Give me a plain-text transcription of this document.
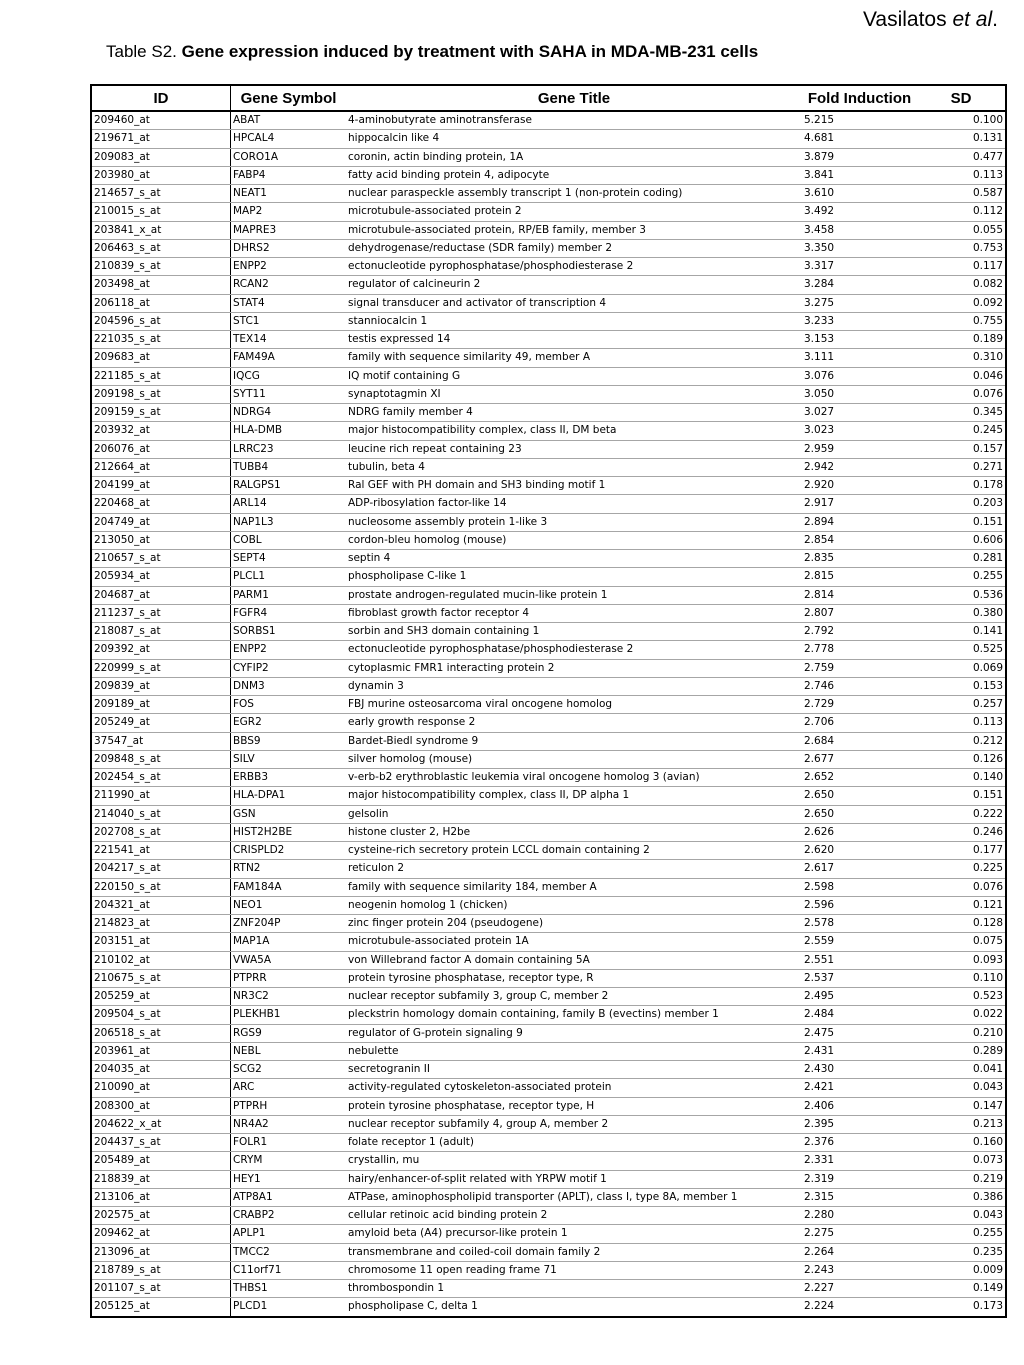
Vasilatos et al.
Table S2. Gene expression induced by treatment with SAHA in MDA-MB-231 cells
ID	Gene Symbol	Gene Title	Fold Induction	SD
209460_at	ABAT	4-aminobutyrate aminotransferase	5.215	0.100
219671_at	HPCAL4	hippocalcin like 4	4.681	0.131
209083_at	CORO1A	coronin, actin binding protein, 1A	3.879	0.477
203980_at	FABP4	fatty acid binding protein 4, adipocyte	3.841	0.113
214657_s_at	NEAT1	nuclear paraspeckle assembly transcript 1 (non-protein coding)	3.610	0.587
210015_s_at	MAP2	microtubule-associated protein 2	3.492	0.112
203841_x_at	MAPRE3	microtubule-associated protein, RP/EB family, member 3	3.458	0.055
206463_s_at	DHRS2	dehydrogenase/reductase (SDR family) member 2	3.350	0.753
210839_s_at	ENPP2	ectonucleotide pyrophosphatase/phosphodiesterase 2	3.317	0.117
203498_at	RCAN2	regulator of calcineurin 2	3.284	0.082
206118_at	STAT4	signal transducer and activator of transcription 4	3.275	0.092
204596_s_at	STC1	stanniocalcin 1	3.233	0.755
221035_s_at	TEX14	testis expressed 14	3.153	0.189
209683_at	FAM49A	family with sequence similarity 49, member A	3.111	0.310
221185_s_at	IQCG	IQ motif containing G	3.076	0.046
209198_s_at	SYT11	synaptotagmin XI	3.050	0.076
209159_s_at	NDRG4	NDRG family member 4	3.027	0.345
203932_at	HLA-DMB	major histocompatibility complex, class II, DM beta	3.023	0.245
206076_at	LRRC23	leucine rich repeat containing 23	2.959	0.157
212664_at	TUBB4	tubulin, beta 4	2.942	0.271
204199_at	RALGPS1	Ral GEF with PH domain and SH3 binding motif 1	2.920	0.178
220468_at	ARL14	ADP-ribosylation factor-like 14	2.917	0.203
204749_at	NAP1L3	nucleosome assembly protein 1-like 3	2.894	0.151
213050_at	COBL	cordon-bleu homolog (mouse)	2.854	0.606
210657_s_at	SEPT4	septin 4	2.835	0.281
205934_at	PLCL1	phospholipase C-like 1	2.815	0.255
204687_at	PARM1	prostate androgen-regulated mucin-like protein 1	2.814	0.536
211237_s_at	FGFR4	fibroblast growth factor receptor 4	2.807	0.380
218087_s_at	SORBS1	sorbin and SH3 domain containing 1	2.792	0.141
209392_at	ENPP2	ectonucleotide pyrophosphatase/phosphodiesterase 2	2.778	0.525
220999_s_at	CYFIP2	cytoplasmic FMR1 interacting protein 2	2.759	0.069
209839_at	DNM3	dynamin 3	2.746	0.153
209189_at	FOS	FBJ murine osteosarcoma viral oncogene homolog	2.729	0.257
205249_at	EGR2	early growth response 2	2.706	0.113
37547_at	BBS9	Bardet-Biedl syndrome 9	2.684	0.212
209848_s_at	SILV	silver homolog (mouse)	2.677	0.126
202454_s_at	ERBB3	v-erb-b2 erythroblastic leukemia viral oncogene homolog 3 (avian)	2.652	0.140
211990_at	HLA-DPA1	major histocompatibility complex, class II, DP alpha 1	2.650	0.151
214040_s_at	GSN	gelsolin	2.650	0.222
202708_s_at	HIST2H2BE	histone cluster 2, H2be	2.626	0.246
221541_at	CRISPLD2	cysteine-rich secretory protein LCCL domain containing 2	2.620	0.177
204217_s_at	RTN2	reticulon 2	2.617	0.225
220150_s_at	FAM184A	family with sequence similarity 184, member A	2.598	0.076
204321_at	NEO1	neogenin homolog 1 (chicken)	2.596	0.121
214823_at	ZNF204P	zinc finger protein 204 (pseudogene)	2.578	0.128
203151_at	MAP1A	microtubule-associated protein 1A	2.559	0.075
210102_at	VWA5A	von Willebrand factor A domain containing 5A	2.551	0.093
210675_s_at	PTPRR	protein tyrosine phosphatase, receptor type, R	2.537	0.110
205259_at	NR3C2	nuclear receptor subfamily 3, group C, member 2	2.495	0.523
209504_s_at	PLEKHB1	pleckstrin homology domain containing, family B (evectins) member 1	2.484	0.022
206518_s_at	RGS9	regulator of G-protein signaling 9	2.475	0.210
203961_at	NEBL	nebulette	2.431	0.289
204035_at	SCG2	secretogranin II	2.430	0.041
210090_at	ARC	activity-regulated cytoskeleton-associated protein	2.421	0.043
208300_at	PTPRH	protein tyrosine phosphatase, receptor type, H	2.406	0.147
204622_x_at	NR4A2	nuclear receptor subfamily 4, group A, member 2	2.395	0.213
204437_s_at	FOLR1	folate receptor 1 (adult)	2.376	0.160
205489_at	CRYM	crystallin, mu	2.331	0.073
218839_at	HEY1	hairy/enhancer-of-split related with YRPW motif 1	2.319	0.219
213106_at	ATP8A1	ATPase, aminophospholipid transporter (APLT), class I, type 8A, member 1	2.315	0.386
202575_at	CRABP2	cellular retinoic acid binding protein 2	2.280	0.043
209462_at	APLP1	amyloid beta (A4) precursor-like protein 1	2.275	0.255
213096_at	TMCC2	transmembrane and coiled-coil domain family 2	2.264	0.235
218789_s_at	C11orf71	chromosome 11 open reading frame 71	2.243	0.009
201107_s_at	THBS1	thrombospondin 1	2.227	0.149
205125_at	PLCD1	phospholipase C, delta 1	2.224	0.173
